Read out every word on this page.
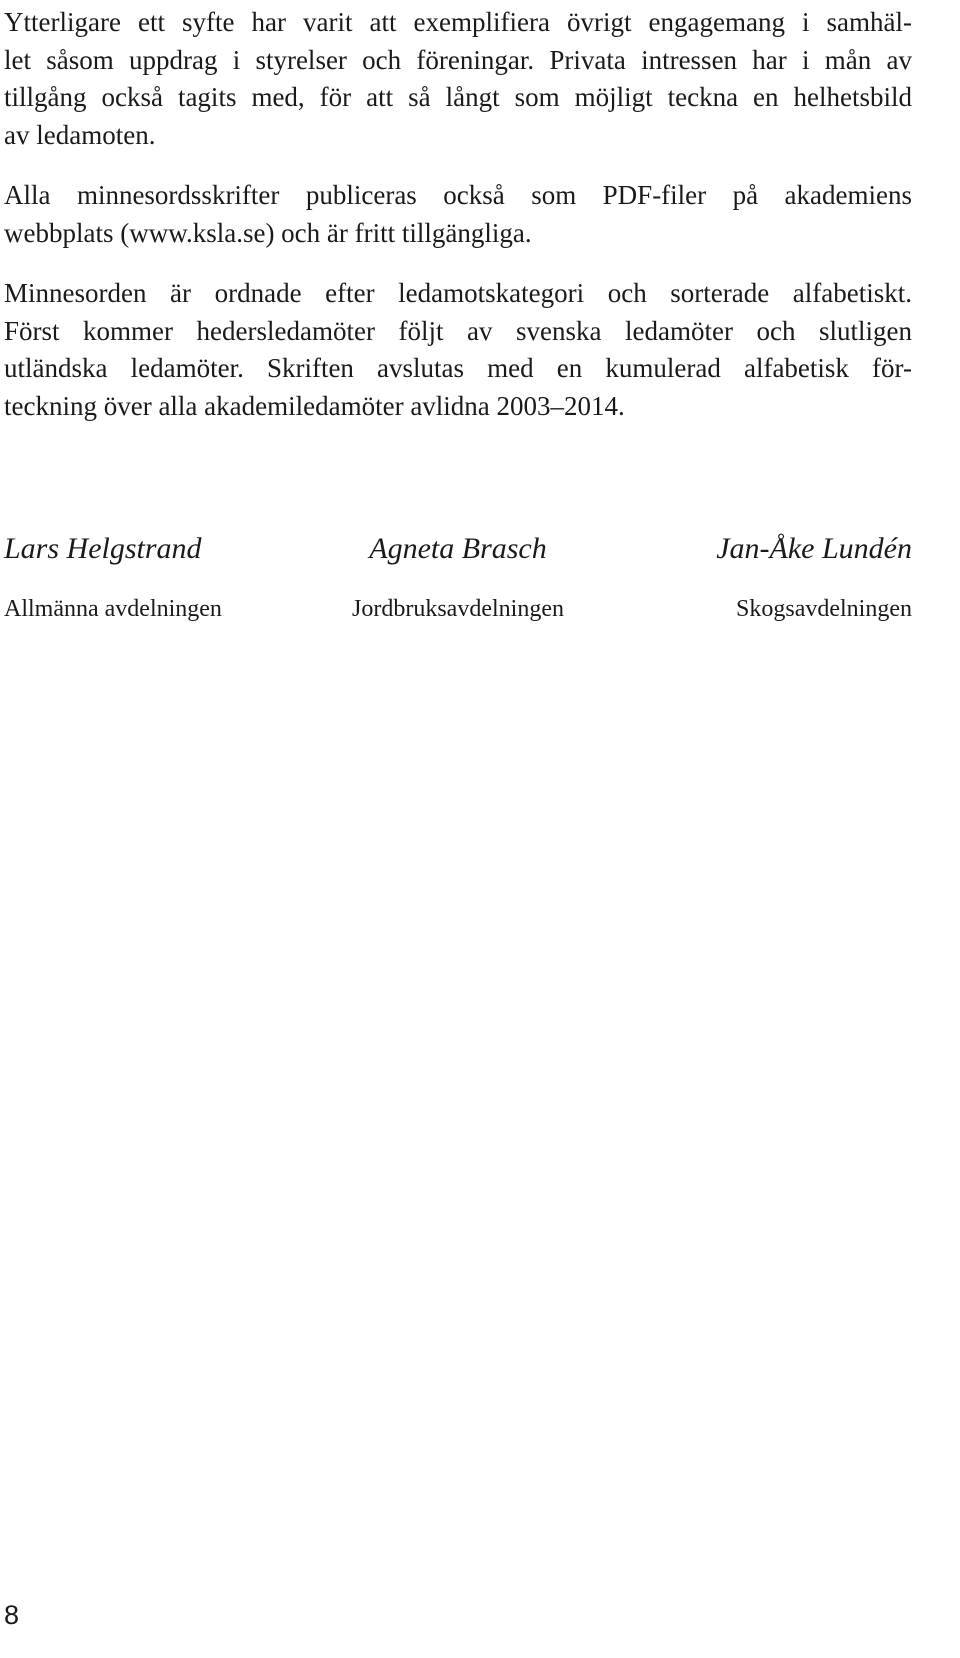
Ytterligare ett syfte har varit att exemplifiera övrigt engagemang i samhäl-
let såsom uppdrag i styrelser och föreningar. Privata intressen har i mån av
tillgång också tagits med, för att så långt som möjligt teckna en helhetsbild
av ledamoten.

Alla minnesordsskrifter publiceras också som PDF-filer på akademiens
webbplats (www.ksla.se) och är fritt tillgängliga.

Minnesorden är ordnade efter ledamotskategori och sorterade alfabetiskt.
Först kommer hedersledamöter följt av svenska ledamöter och slutligen
utländska ledamöter. Skriften avslutas med en kumulerad alfabetisk för-
teckning över alla akademiledamöter avlidna 2003–2014.

Lars Helgstrand	Agneta Brasch	Jan-Åke Lundén
Allmänna avdelningen	Jordbruksavdelningen	Skogsavdelningen
8
